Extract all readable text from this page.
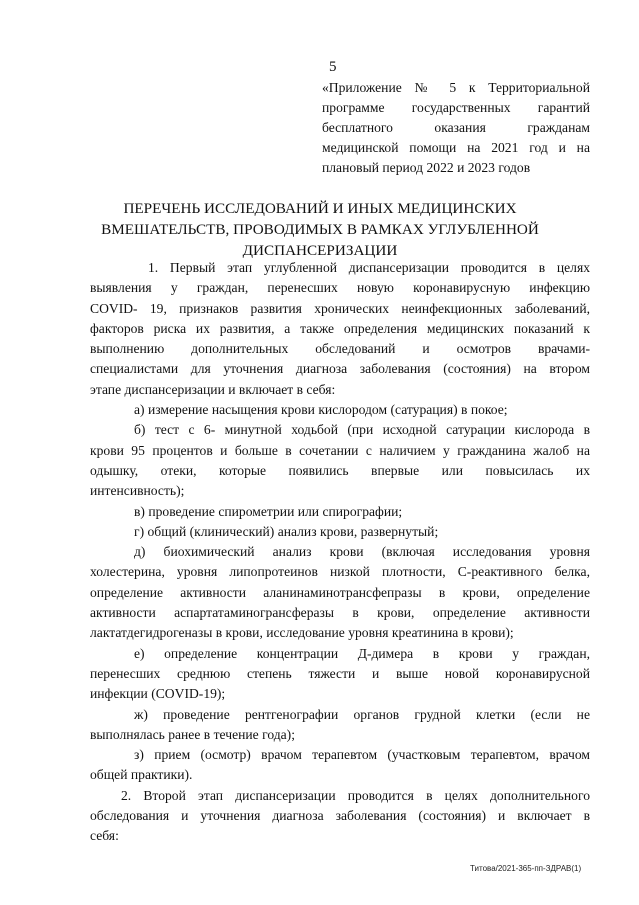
5
«Приложение № 5 к Территориальной
программе государственных гарантий
бесплатного оказания гражданам
медицинской помощи на 2021 год и на
плановый период 2022 и 2023 годов
ПЕРЕЧЕНЬ ИССЛЕДОВАНИЙ И ИНЫХ МЕДИЦИНСКИХ
ВМЕШАТЕЛЬСТВ, ПРОВОДИМЫХ В РАМКАХ УГЛУБЛЕННОЙ
ДИСПАНСЕРИЗАЦИИ
1. Первый этап углубленной диспансеризации проводится в целях
выявления у граждан, перенесших новую коронавирусную инфекцию
COVID- 19, признаков развития хронических неинфекционных заболеваний,
факторов риска их развития, а также определения медицинских показаний к
выполнению дополнительных обследований и осмотров врачами-
специалистами для уточнения диагноза заболевания (состояния) на втором
этапе диспансеризации и включает в себя:
а) измерение насыщения крови кислородом (сатурация) в покое;
б) тест с 6- минутной ходьбой (при исходной сатурации кислорода в
крови 95 процентов и больше в сочетании с наличием у гражданина жалоб на
одышку, отеки, которые появились впервые или повысилась их
интенсивность);
в) проведение спирометрии или спирографии;
г) общий (клинический) анализ крови, развернутый;
д) биохимический анализ крови (включая исследования уровня
холестерина, уровня липопротеинов низкой плотности, С-реактивного белка,
определение активности аланинаминотрансфепразы в крови, определение
активности аспартатаминогрансферазы в крови, определение активности
лактатдегидрогеназы в крови, исследование уровня креатинина в крови);
е) определение концентрации Д-димера в крови у граждан,
перенесших среднюю степень тяжести и выше новой коронавирусной
инфекции (COVID-19);
ж) проведение рентгенографии органов грудной клетки (если не
выполнялась ранее в течение года);
з) прием (осмотр) врачом терапевтом (участковым терапевтом, врачом
общей практики).
2. Второй этап диспансеризации проводится в целях дополнительного
обследования и уточнения диагноза заболевания (состояния) и включает в
себя:
Титова/2021-365-пп-ЗДРАВ(1)
